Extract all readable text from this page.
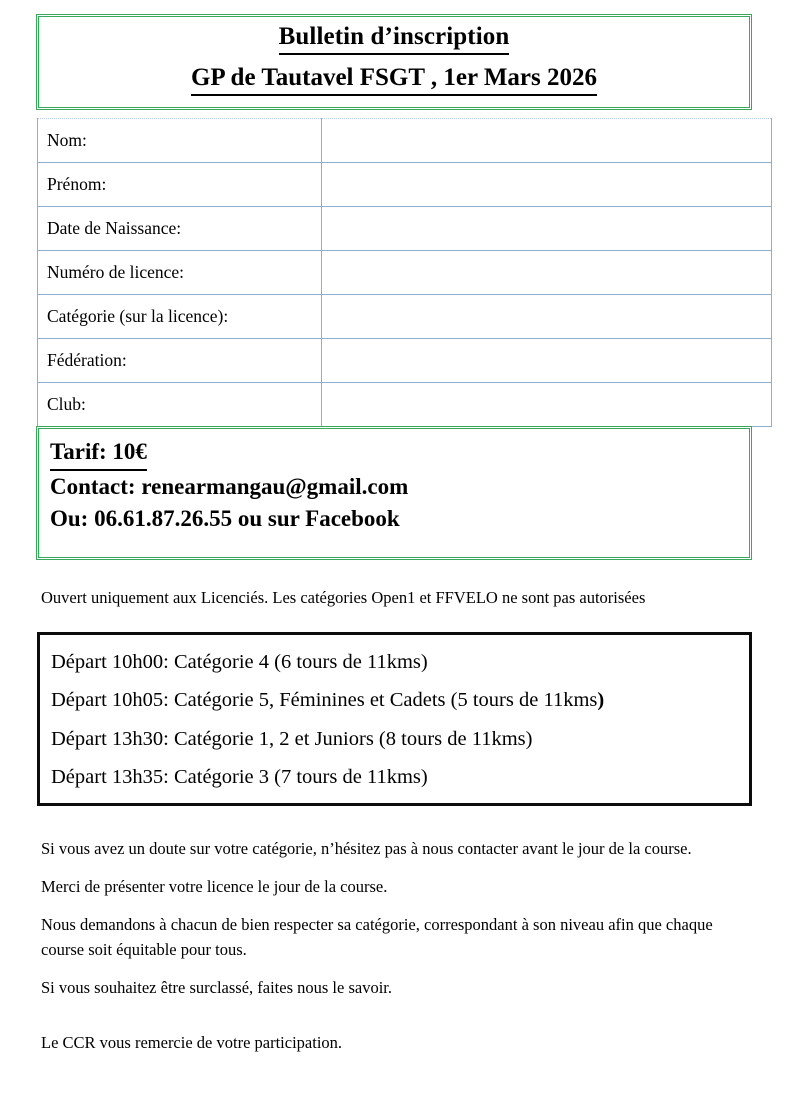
Bulletin d’inscription
GP de Tautavel FSGT , 1er Mars 2026
Nom:	
Prénom:	
Date de Naissance:	
Numéro de licence:	
Catégorie (sur la licence):	
Fédération:	
Club:	
Tarif: 10€
Contact: renearmangau@gmail.com
Ou: 06.61.87.26.55 ou sur Facebook
Ouvert uniquement aux Licenciés. Les catégories Open1 et FFVELO ne sont pas autorisées
Départ 10h00: Catégorie 4 (6 tours de 11kms)
Départ 10h05: Catégorie 5, Féminines et Cadets (5 tours de 11kms)
Départ 13h30: Catégorie 1, 2 et Juniors (8 tours de 11kms)
Départ 13h35: Catégorie 3 (7 tours de 11kms)

Si vous avez un doute sur votre catégorie, n’hésitez pas à nous contacter avant le jour de la course.

Merci de présenter votre licence le jour de la course.

Nous demandons à chacun de bien respecter sa catégorie, correspondant à son niveau afin que chaque course soit équitable pour tous.

Si vous souhaitez être surclassé, faites nous le savoir.

Le CCR vous remercie de votre participation.
